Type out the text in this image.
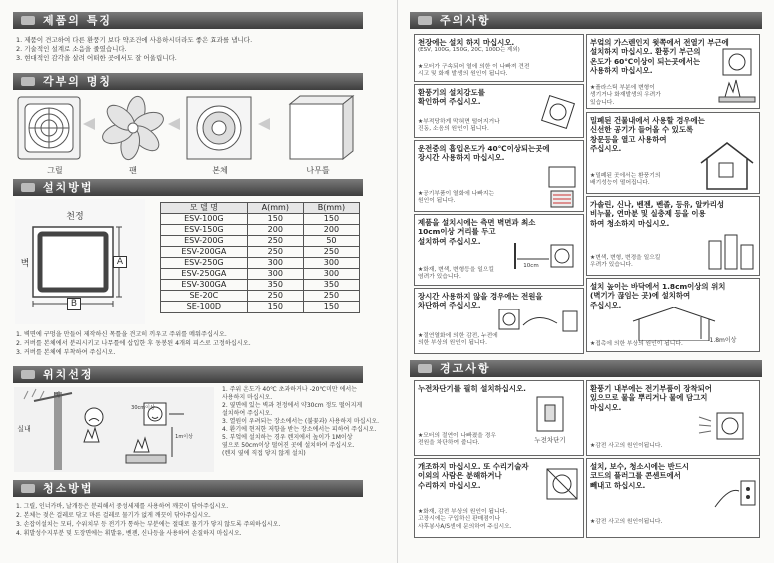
제품의 특징
1. 제품이 견고하여 다른 환풍기 보다 약조건에 사용하시더라도 좋은 효과를 냅니다.
2. 기술적인 설계로 소음을 줄였습니다.
3. 현대적인 감각을 살려 어떠한 곳에서도 잘 어울립니다.
각부의 명칭
그릴	팬	본체	나무틀
설치방법
천정
벽	A
B
모 델 명	A(mm)	B(mm)
ESV-100G	150	150
ESV-150G	200	200
ESV-200G	250	50
ESV-200GA	250	250
ESV-250G	300	300
ESV-250GA	300	300
ESV-300GA	350	350
SE-20C	250	250
SE-100D	150	150
1. 벽면에 구멍을 만들어 제작하신 목틀을 견고히 끼우고 주위를 메워주십시오.
2. 커버를 본체에서 분리시키고 나무틀에 삽입한 후 동봉된 4개의 피스로 고정하십시오.
3. 커버를 본체에 부착하여 주십시오.
위치선정
비
실내
30cm이상
1m이상
1. 주위 온도가 40℃ 초과하거나 -20℃미만 에서는
사용하지 마십시오.
2. 옆면에 있는 벽과 천정에서 약30cm 정도 떨어지게
설치하여 주십시오.
3. 열원이 우려되는 장소에서는 (불꽃과) 사용하지 마십시오.
4. 환기에 현저한 저항을 받는 장소에서는 피하여 주십시오.
5. 부엌에 설치하는 경우 렌지에서 높이가 1M이상
옆으로 50cm이상 떨어진 곳에 설치하여 주십시오.
(렌지 옆에 직접 닿지 않게 설치)
청소방법
1. 그릴, 인너카바, 날개등은 분리해서 중성세제를 사용하여 깨끗이 닦아주십시오.
2. 본체는 젖은 걸레로 닦고 마른 걸레로 물기가 없게 깨끗이 닦아주십시오.
3. 손잡이설치는 모터, 수위치부 등 전기가 통하는 부분에는 절대로 물기가 닿지 않도록 주의하십시오.
4. 휘발성수지부분 및 도장면에는 휘발유, 벤젠, 신나등을 사용하여 손질하지 마십시오.
주의사항
천장에는 설치 하지 마십시오.
(ESV, 100G, 150G, 20C, 100D는 제외)
★모터가 구속되어 열에 의한 이 나빠져 견전
시고 및 화재 발생의 원인이 됩니다.
부엌의 가스렌인지 윗쪽에서 전열기 부근에
설치하지 마십시오. 환풍기 부근의
온도가 60℃이상이 되는곳에서는
사용하지 마십시오.
★플라스틱 부분에 변형이
생기거나 화재발생의 우려가
있습니다.
환풍기의 설치강도를
확인하여 주십시오.
★부적당하게 막혀면 떨어지거나
진동, 소음의 원인이 됩니다.
밀폐된 건물내에서 사용할 경우에는
신선한 공기가 들어올 수 있도록
창문등을 열고 사용하여
주십시오.
★밀폐된 곳에서는 환풍기의
배기성능이 떨어집니다.
운전중의 흡입온도가 40℃이상되는곳에
장시간 사용하지 마십시오.
★공기부품이 열화에 나빠지는
원인이 됩니다.	가솔린, 신나, 벤젠, 벤졸, 등유, 알카리성
비누물, 연마분 및 실충제 등을 이용
하여 청소하지 마십시오.
★변색, 변형, 변경을 일으킬
우려가 있습니다.
제품을 설치시에는 측면 벽면과 최소
10cm이상 거리를 두고
설치하여 주십시오.
★화재, 변색, 변형등을 일으킬
염려가 있습니다.
10cm
설치 높이는 바닥에서 1.8cm이상의 위치
(벽기가 끊임는 곳)에 설치하여
주십시오.
★접촉에 의한 부상의 원인이 됩니다.	1.8m이상
장시간 사용하지 않을 경우에는 전원을
차단하여 주십시오.
★절연열화에 의한 감전, 누전에
의한 부상의 원인이 됩니다.
경고사항
누전차단기를 필히 설치하십시오.
★모터의 절연이 나빠졌을 경우
전원을 차단하여 줍니다.	누전차단기
환풍기 내부에는 전기부품이 장착되어
있으므로 물을 뿌리거나 물에 담그지
마십시오.
★감전 사고의 원인이됩니다.
개조하지 마십시오. 또 수리기술자
이외의 사람은 분해하거나
수리하지 마십시오.
★화재, 감전 부상의 원인이 됩니다.
고장시에는 구입하신 판매점이나
사후봉사A/S센에 문의하여 주십시오.
설치, 보수, 청소시에는 반드시
코드의 플러그를 콘센트에서
빼내고 하십시오.
★감전 사고의 원인이됩니다.
